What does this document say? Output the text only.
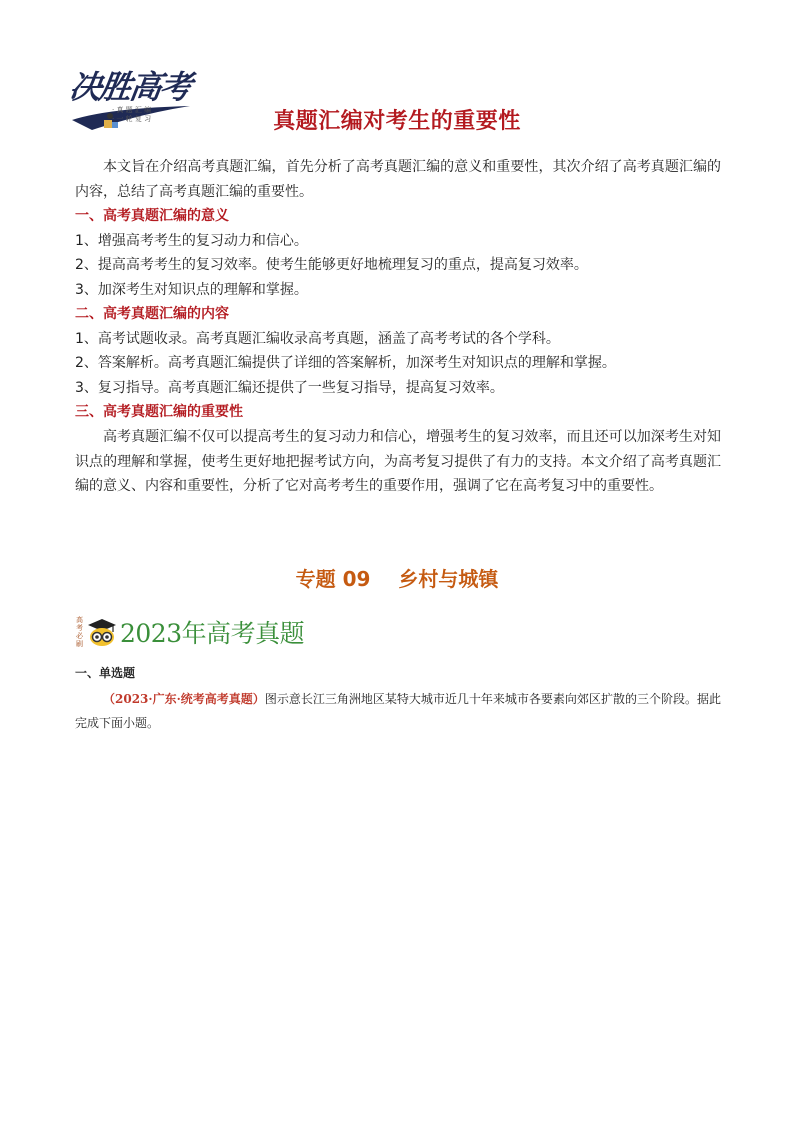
决胜高考
· 真 题 汇 编
· 一 轮 复 习	真题汇编对考生的重要性
本文旨在介绍高考真题汇编，首先分析了高考真题汇编的意义和重要性，其次介绍了高考真题汇编的内容，总结了高考真题汇编的重要性。
一、高考真题汇编的意义
1、增强高考考生的复习动力和信心。
2、提高高考考生的复习效率。使考生能够更好地梳理复习的重点，提高复习效率。
3、加深考生对知识点的理解和掌握。
二、高考真题汇编的内容
1、高考试题收录。高考真题汇编收录高考真题，涵盖了高考考试的各个学科。
2、答案解析。高考真题汇编提供了详细的答案解析，加深考生对知识点的理解和掌握。
3、复习指导。高考真题汇编还提供了一些复习指导，提高复习效率。
三、高考真题汇编的重要性
高考真题汇编不仅可以提高考生的复习动力和信心，增强考生的复习效率，而且还可以加深考生对知识点的理解和掌握，使考生更好地把握考试方向，为高考复习提供了有力的支持。本文介绍了高考真题汇编的意义、内容和重要性，分析了它对高考考生的重要作用，强调了它在高考复习中的重要性。
专题 09    乡村与城镇
高考必刷 2023年高考真题
一、单选题
（2023·广东·统考高考真题）图示意长江三角洲地区某特大城市近几十年来城市各要素向郊区扩散的三个阶段。据此完成下面小题。
